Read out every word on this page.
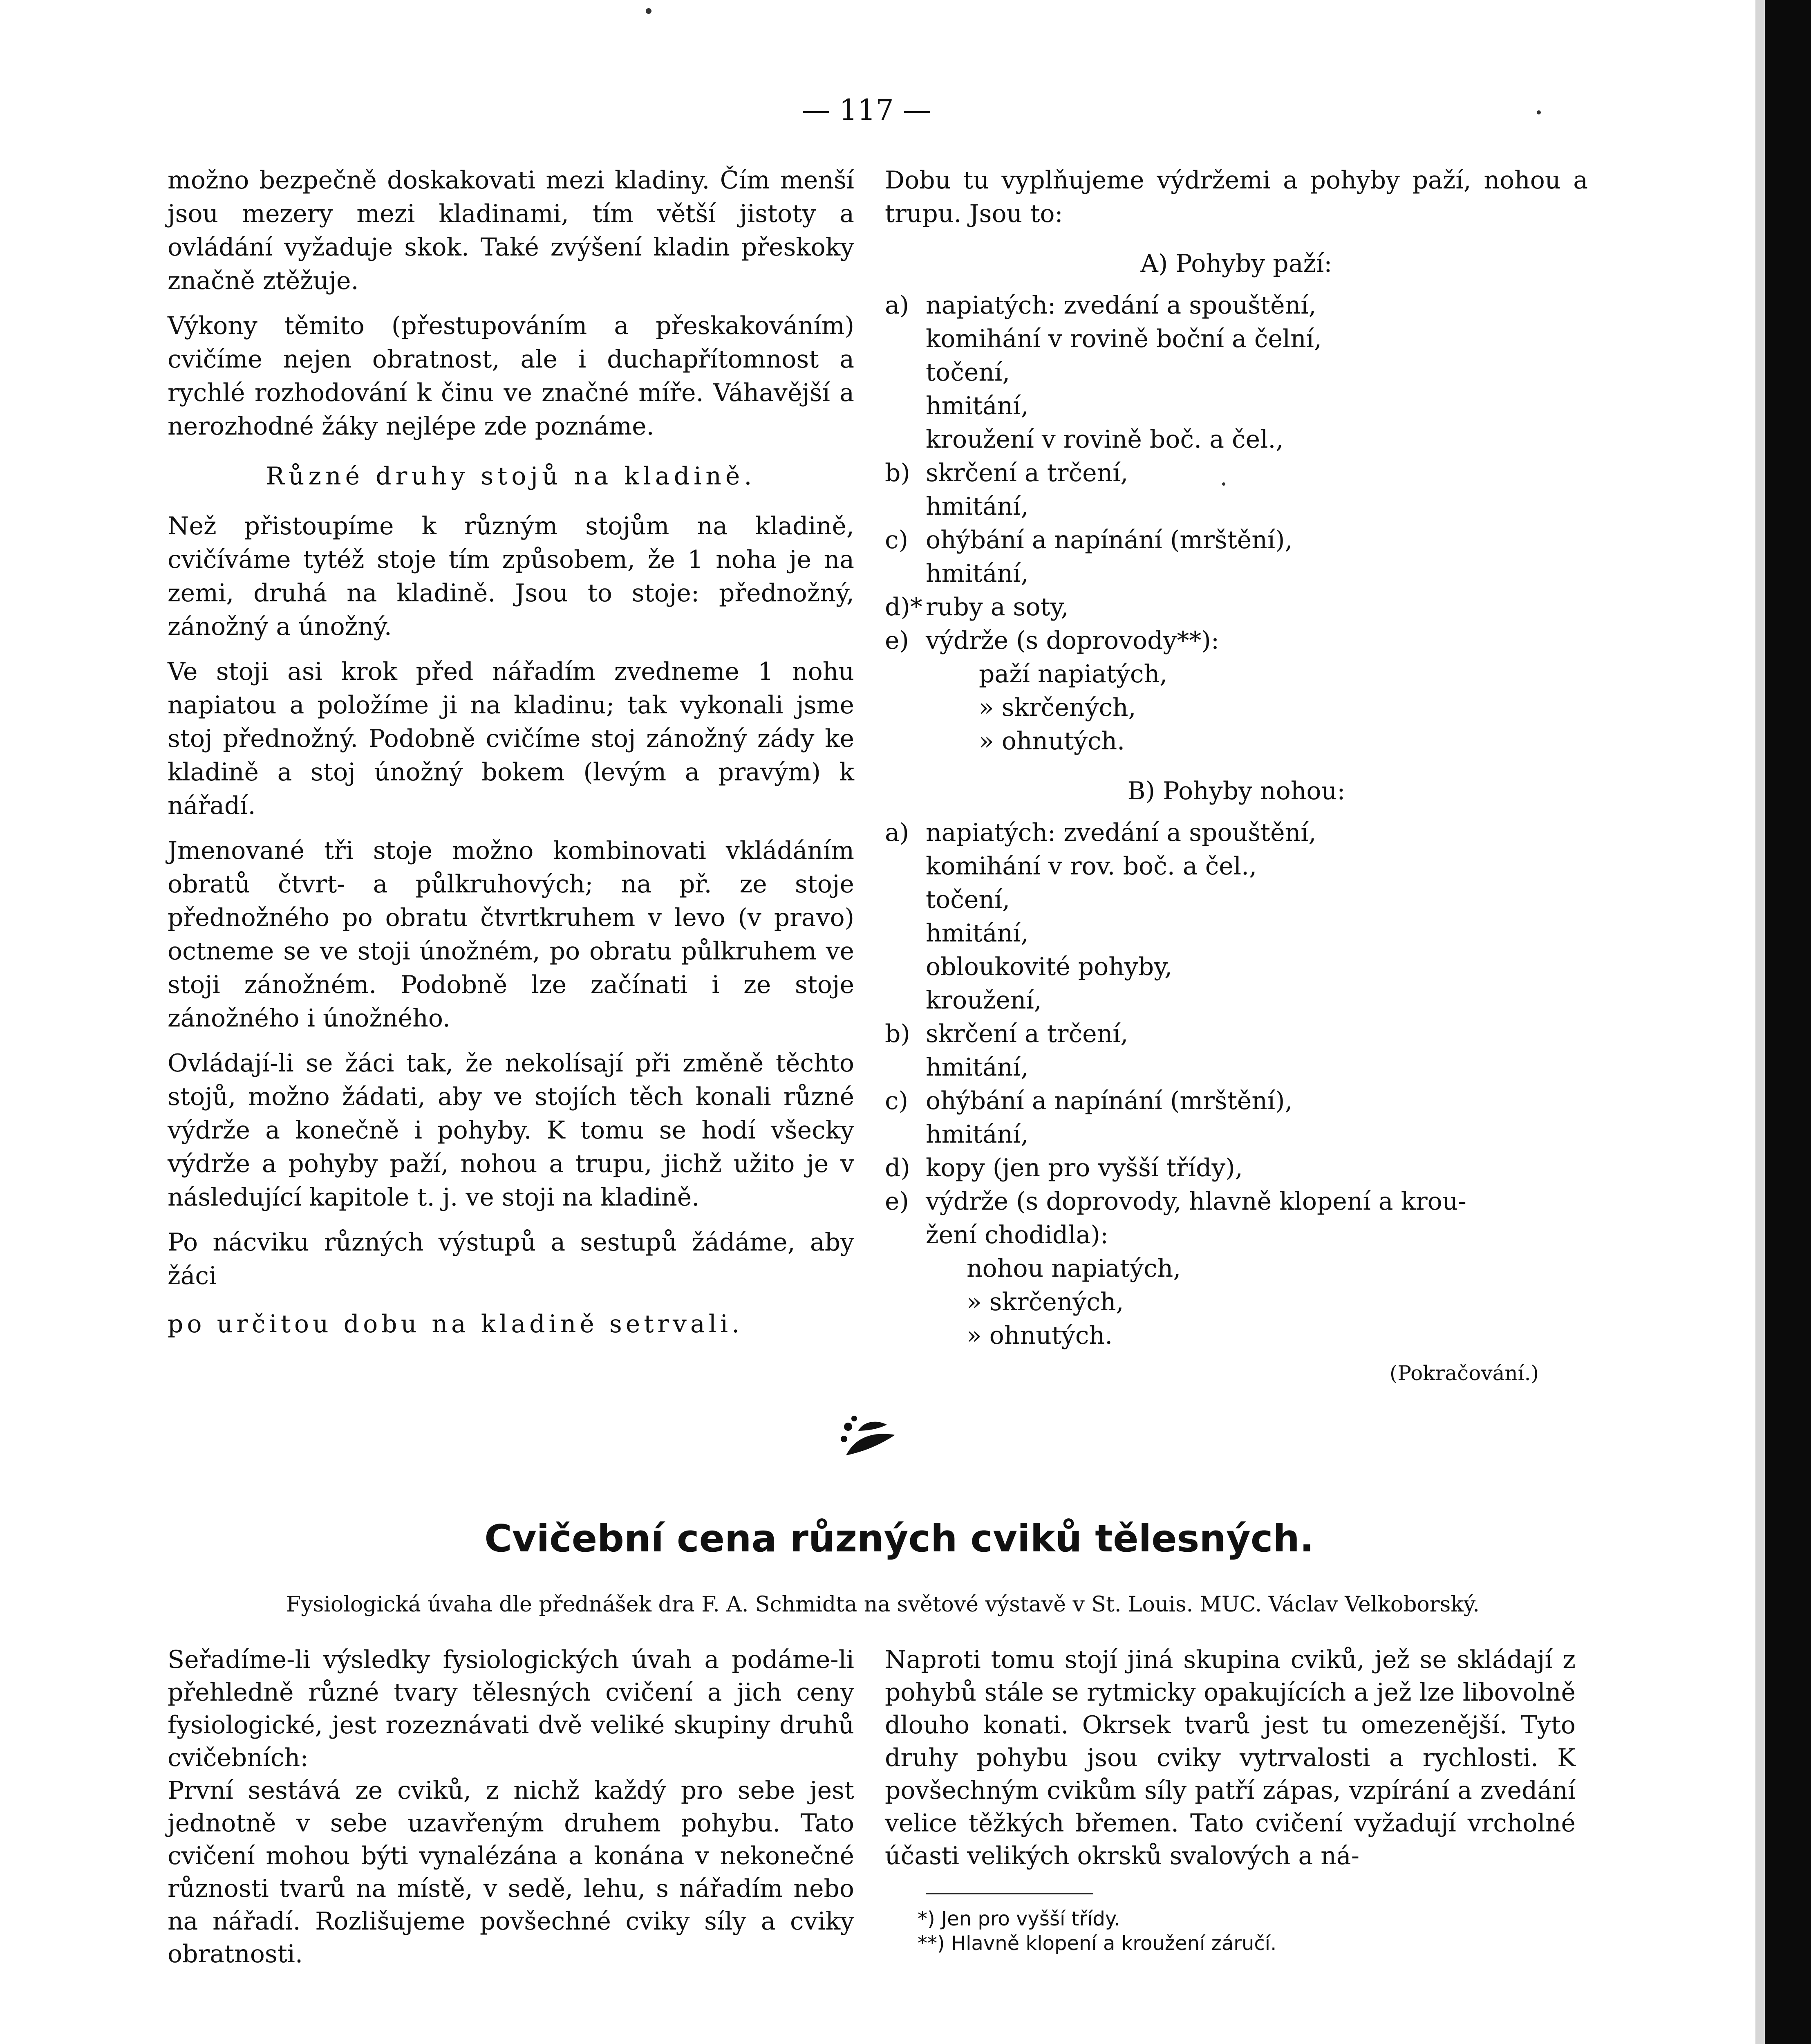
— 117 —

možno bezpečně doskakovati mezi kladiny. Čím menší jsou mezery mezi kladinami, tím větší jistoty a ovládání vyžaduje skok. Také zvýšení kladin přeskoky značně ztěžuje.

Výkony těmito (přestupováním a přeskakováním) cvičíme nejen obratnost, ale i duchapřítomnost a rychlé rozhodování k činu ve značné míře. Váhavější a nerozhodné žáky nejlépe zde poznáme.

Různé druhy stojů na kladině.

Než přistoupíme k různým stojům na kladině, cvičíváme tytéž stoje tím způsobem, že 1 noha je na zemi, druhá na kladině. Jsou to stoje: přednožný, zánožný a únožný.

Ve stoji asi krok před nářadím zvedneme 1 nohu napiatou a položíme ji na kladinu; tak vykonali jsme stoj přednožný. Podobně cvičíme stoj zánožný zády ke kladině a stoj únožný bokem (levým a pravým) k nářadí.

Jmenované tři stoje možno kombinovati vkládáním obratů čtvrt- a půlkruhových; na př. ze stoje přednožného po obratu čtvrtkruhem v levo (v pravo) octneme se ve stoji únožném, po obratu půlkruhem ve stoji zánožném. Podobně lze začínati i ze stoje zánožného i únožného.

Ovládají-li se žáci tak, že nekolísají při změně těchto stojů, možno žádati, aby ve stojích těch konali různé výdrže a konečně i pohyby. K tomu se hodí všecky výdrže a pohyby paží, nohou a trupu, jichž užito je v následující kapitole t. j. ve stoji na kladině.

Po nácviku různých výstupů a sestupů žádáme, aby žáci

po určitou dobu na kladině setrvali.

Dobu tu vyplňujeme výdržemi a pohyby paží, nohou a trupu. Jsou to:

A) Pohyby paží:
a) napiatých: zvedání a spouštění,
komihání v rovině boční a čelní,
točení,
hmitání,
kroužení v rovině boč. a čel.,
b) skrčení a trčení,
hmitání,
c) ohýbání a napínání (mrštění),
hmitání,
d)* ruby a soty,
e) výdrže (s doprovody**):
paží napiatých,
» skrčených,
» ohnutých.
B) Pohyby nohou:
a) napiatých: zvedání a spouštění,
komihání v rov. boč. a čel.,
točení,
hmitání,
obloukovité pohyby,
kroužení,
b) skrčení a trčení,
hmitání,
c) ohýbání a napínání (mrštění),
hmitání,
d) kopy (jen pro vyšší třídy),
e) výdrže (s doprovody, hlavně klopení a krou-
žení chodidla):
nohou napiatých,
» skrčených,
» ohnutých.
(Pokračování.)
Cvičební cena různých cviků tělesných.
Fysiologická úvaha dle přednášek dra F. A. Schmidta na světové výstavě v St. Louis. MUC. Václav Velkoborský.

Seřadíme-li výsledky fysiologických úvah a podáme-li přehledně různé tvary tělesných cvičení a jich ceny fysiologické, jest rozeznávati dvě veliké skupiny druhů cvičebních:

První sestává ze cviků, z nichž každý pro sebe jest jednotně v sebe uzavřeným druhem pohybu. Tato cvičení mohou býti vynalézána a konána v nekonečné různosti tvarů na místě, v sedě, lehu, s nářadím nebo na nářadí. Rozlišujeme povšechné cviky síly a cviky obratnosti.

Naproti tomu stojí jiná skupina cviků, jež se skládají z pohybů stále se rytmicky opakujících a jež lze libovolně dlouho konati. Okrsek tvarů jest tu omezenější. Tyto druhy pohybu jsou cviky vytrvalosti a rychlosti. K povšechným cvikům síly patří zápas, vzpírání a zvedání velice těžkých břemen. Tato cvičení vyžadují vrcholné účasti velikých okrsků svalových a ná-

*) Jen pro vyšší třídy.
**) Hlavně klopení a kroužení záručí.
